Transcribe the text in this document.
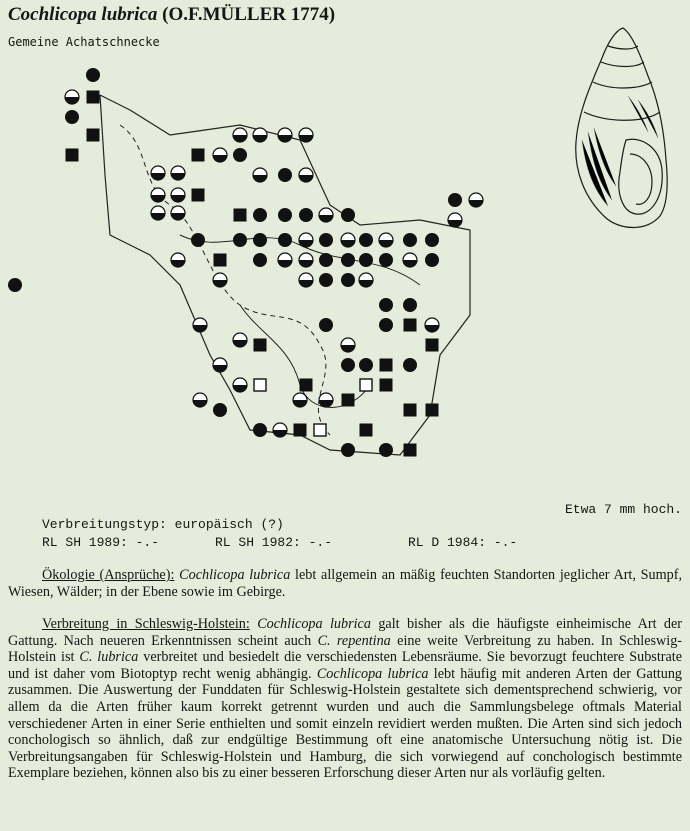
Cochlicopa lubrica (O.F.MÜLLER 1774)
Gemeine Achatschnecke
Etwa 7 mm hoch.
Verbreitungstyp: europäisch (?)
RL SH 1989: -.-	RL SH 1982: -.-	RL D 1984: -.-
Ökologie (Ansprüche): Cochlicopa lubrica lebt allgemein an mäßig feuchten Standorten jeglicher Art, Sumpf, Wiesen, Wälder; in der Ebene sowie im Gebirge.
Verbreitung in Schleswig-Holstein: Cochlicopa lubrica galt bisher als die häufigste einheimische Art der Gattung. Nach neueren Erkenntnissen scheint auch C. repentina eine weite Verbreitung zu haben. In Schleswig-Holstein ist C. lubrica verbreitet und besiedelt die verschiedensten Lebensräume. Sie bevorzugt feuchtere Substrate und ist daher vom Biotoptyp recht wenig abhängig. Cochlicopa lubrica lebt häufig mit anderen Arten der Gattung zusammen. Die Auswertung der Funddaten für Schleswig-Holstein gestaltete sich dementsprechend schwierig, vor allem da die Arten früher kaum korrekt getrennt wurden und auch die Sammlungsbelege oftmals Material verschiedener Arten in einer Serie enthielten und somit einzeln revidiert werden mußten. Die Arten sind sich jedoch conchologisch so ähnlich, daß zur endgültige Bestimmung oft eine anatomische Untersuchung nötig ist. Die Verbreitungsangaben für Schleswig-Holstein und Hamburg, die sich vorwiegend auf conchologisch bestimmte Exemplare beziehen, können also bis zu einer besseren Erforschung dieser Arten nur als vorläufig gelten.
